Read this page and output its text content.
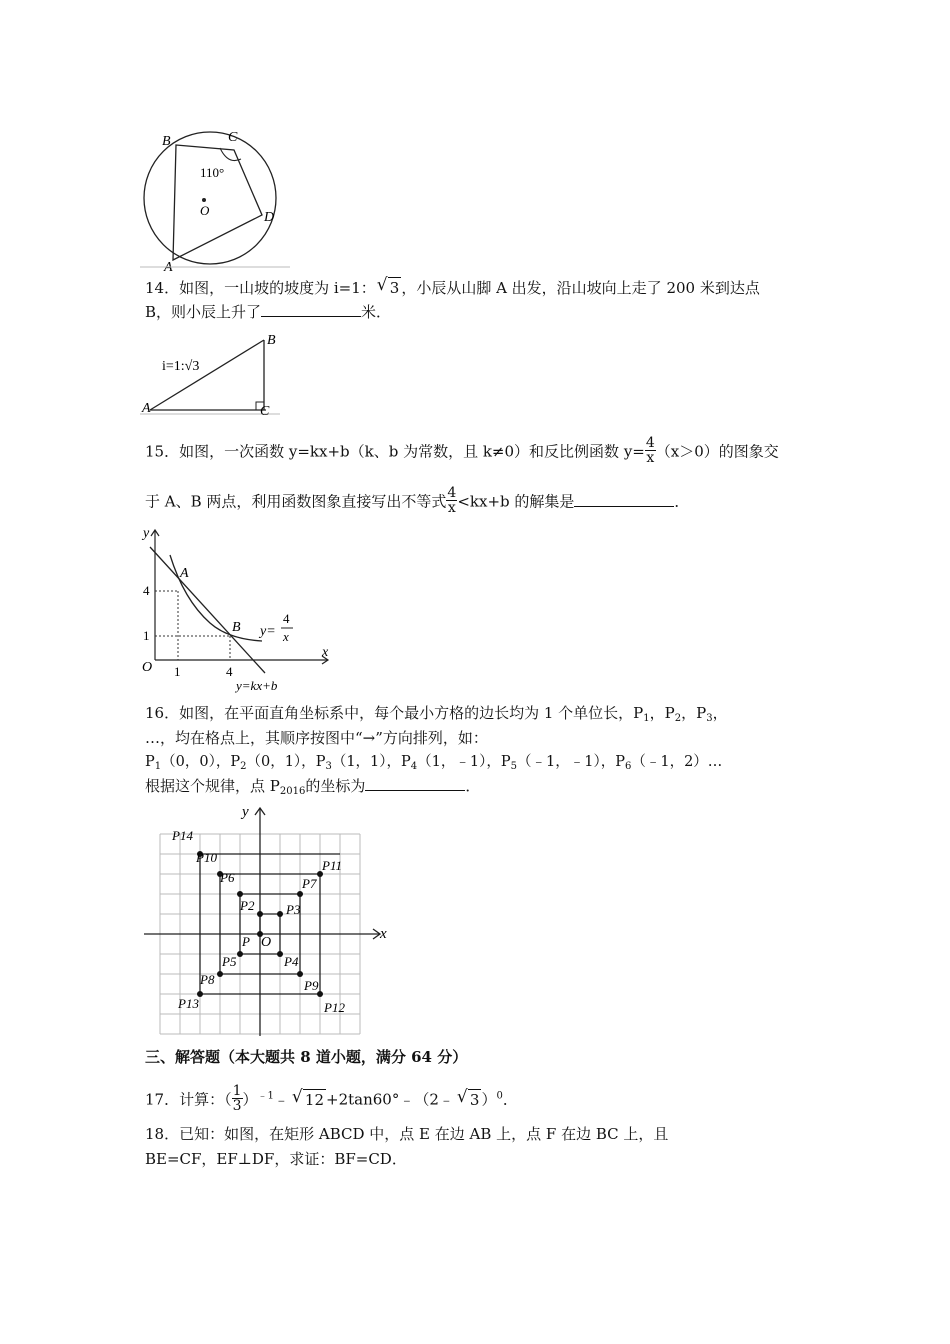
B	C
D
A
O
110°
14．如图，一山坡的坡度为 i=1： √ 3 ，小辰从山脚 A 出发，沿山坡向上走了 200 米到达点
B，则小辰上升了	米．
i=1:√3
A
B
C
15．如图，一次函数 y=kx+b（k、b 为常数，且 k≠0）和反比例函数 $y= \frac{4}{x} (x>0)$的图象交
于 A、B 两点，利用函数图象直接写出不等式 $\frac{4}{x} <kx+b$ 的解集是	．
y
x
O
A
B
4
1
1	4
y=
4
x
y=kx+b
16．如图，在平面直角坐标系中，每个最小方格的边长均为 1 个单位长，$P_1$，$P_2$，$P_3$，
…，均在格点上，其顺序按图中“→”方向排列，如：
$P_1(0$，0），$P_2(0$，1），$P_3(1$，1），$P_4(1$，﹣1），$P_5(﹣1$，﹣1），$P_6(﹣1$，2）…
根据这个规律，点 $P_{2016}$的坐标为	．
y
x
O
P14
P10
P6
P2 P3
P7
P11
P
P5	P4
P9
P8
P13	P12
三、解答题（本大题共 8 道小题，满分 64 分）
17．计算：（ $\frac{1}{3}$ ）$^{﹣1}$﹣ √ 12 +2tan60°﹣（2﹣ √ 3 ）$^0$．
18．已知：如图，在矩形 ABCD 中，点 E 在边 AB 上，点 F 在边 BC 上，且
BE=CF，EF⊥DF，求证：BF=CD．
